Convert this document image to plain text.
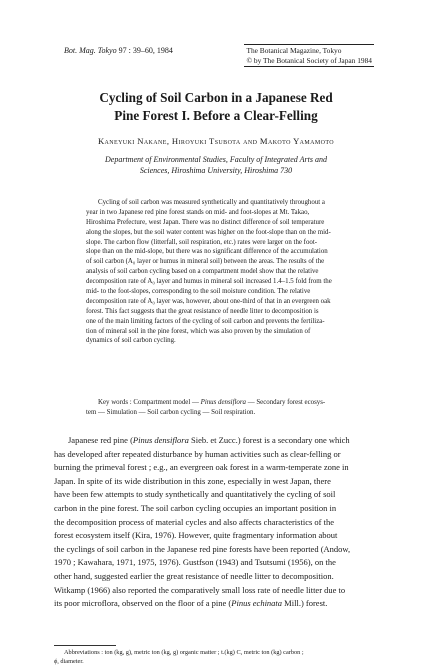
Bot. Mag. Tokyo 97 : 39–60, 1984	The Botanical Magazine, Tokyo
© by The Botanical Society of Japan 1984
Cycling of Soil Carbon in a Japanese Red
Pine Forest I. Before a Clear-Felling
Kaneyuki Nakane, Hiroyuki Tsubota and Makoto Yamamoto
Department of Environmental Studies, Faculty of Integrated Arts and
Sciences, Hiroshima University, Hiroshima 730
Cycling of soil carbon was measured synthetically and quantitatively throughout a
year in two Japanese red pine forest stands on mid- and foot-slopes at Mt. Takao,
Hiroshima Prefecture, west Japan. There was no distinct difference of soil temperature
along the slopes, but the soil water content was higher on the foot-slope than on the mid-
slope. The carbon flow (litterfall, soil respiration, etc.) rates were larger on the foot-
slope than on the mid-slope, but there was no significant difference of the accumulation
of soil carbon (A₀ layer or humus in mineral soil) between the areas. The results of the
analysis of soil carbon cycling based on a compartment model show that the relative
decomposition rate of A₀ layer and humus in mineral soil increased 1.4–1.5 fold from the
mid- to the foot-slopes, corresponding to the soil moisture condition. The relative
decomposition rate of A₀ layer was, however, about one-third of that in an evergreen oak
forest. This fact suggests that the great resistance of needle litter to decomposition is
one of the main limiting factors of the cycling of soil carbon and prevents the fertiliza-
tion of mineral soil in the pine forest, which was also proven by the simulation of
dynamics of soil carbon cycling.
Key words : Compartment model — Pinus densiflora — Secondary forest ecosys-
tem — Simulation — Soil carbon cycling — Soil respiration.
Japanese red pine (Pinus densiflora Sieb. et Zucc.) forest is a secondary one which
has developed after repeated disturbance by human activities such as clear-felling or
burning the primeval forest ; e.g., an evergreen oak forest in a warm-temperate zone in
Japan. In spite of its wide distribution in this zone, especially in west Japan, there
have been few attempts to study synthetically and quantitatively the cycling of soil
carbon in the pine forest. The soil carbon cycling occupies an important position in
the decomposition process of material cycles and also affects characteristics of the
forest ecosystem itself (Kira, 1976). However, quite fragmentary information about
the cyclings of soil carbon in the Japanese red pine forests have been reported (Andow,
1970 ; Kawahara, 1971, 1975, 1976). Gustfson (1943) and Tsutsumi (1956), on the
other hand, suggested earlier the great resistance of needle litter to decomposition.
Witkamp (1966) also reported the comparatively small loss rate of needle litter due to
its poor microflora, observed on the floor of a pine (Pinus echinata Mill.) forest.
Abbreviations : ton (kg, g), metric ton (kg, g) organic matter ; t.(kg) C, metric ton (kg) carbon ;
ϕ, diameter.
